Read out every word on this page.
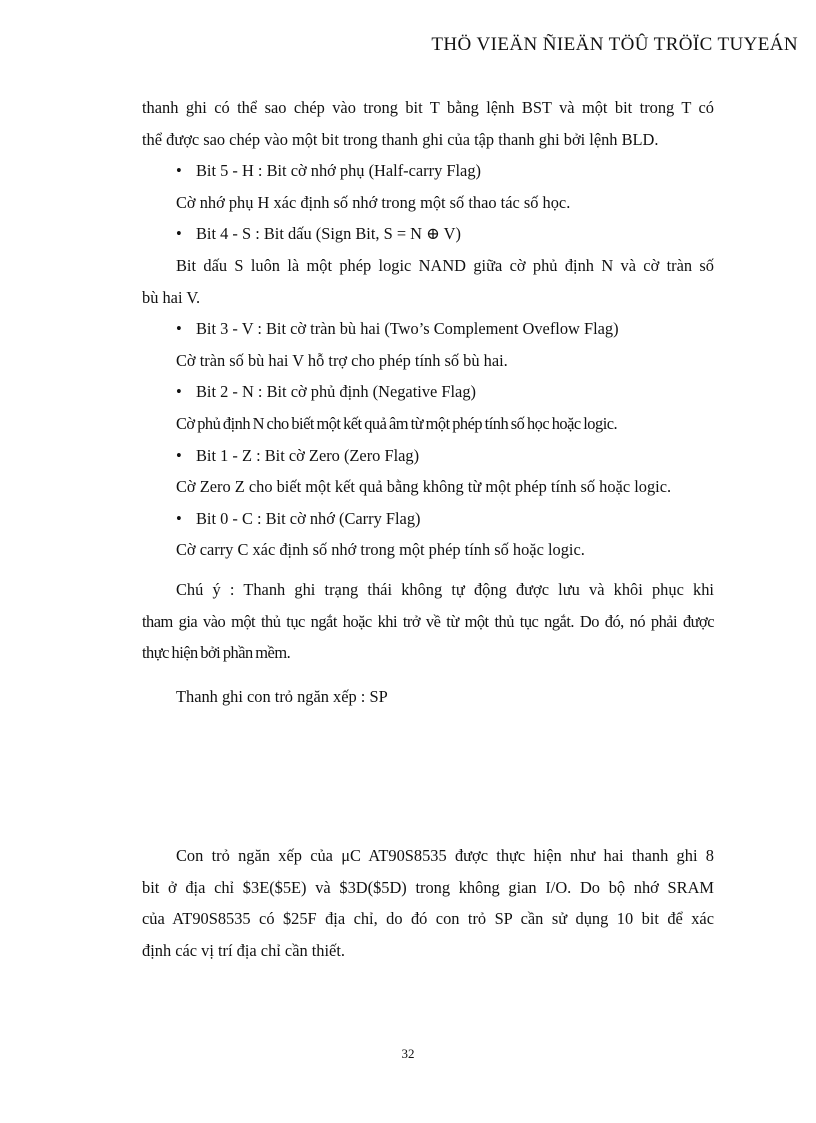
THÖ VIEÄN ÑIEÄN TÖÛ TRÖÏC TUYEÁN
thanh ghi có thể sao chép vào trong bit T bằng lệnh BST và một bit trong T có
thể được sao chép vào một bit trong thanh ghi của tập thanh ghi bởi lệnh BLD.
• Bit 5 - H : Bit cờ nhớ phụ (Half-carry Flag)
Cờ nhớ phụ H xác định số nhớ trong một số thao tác số học.
• Bit 4 - S : Bit dấu (Sign Bit, S = N ⊕ V)
Bit dấu S luôn là một phép logic NAND giữa cờ phủ định N và cờ tràn số
bù hai V.
• Bit 3 - V : Bit cờ tràn bù hai (Two’s Complement Oveflow Flag)
Cờ tràn số bù hai V hỗ trợ cho phép tính số bù hai.
• Bit 2 - N : Bit cờ phủ định (Negative Flag)
Cờ phủ định N cho biết một kết quả âm từ một phép tính số học hoặc logic.
• Bit 1 - Z : Bit cờ Zero (Zero Flag)
Cờ Zero Z cho biết một kết quả bằng không từ một phép tính số hoặc logic.
• Bit 0 - C : Bit cờ nhớ (Carry Flag)
Cờ carry C xác định số nhớ trong một phép tính số hoặc logic.
Chú ý : Thanh ghi trạng thái không tự động được lưu và khôi phục khi
tham gia vào một thủ tục ngắt hoặc khi trở về từ một thủ tục ngắt. Do đó, nó phải được
thực hiện bởi phần mềm.
Thanh ghi con trỏ ngăn xếp : SP
Con trỏ ngăn xếp của μC AT90S8535 được thực hiện như hai thanh ghi 8
bit ở địa chỉ $3E($5E) và $3D($5D) trong không gian I/O. Do bộ nhớ SRAM
của AT90S8535 có $25F địa chỉ, do đó con trỏ SP cần sử dụng 10 bit để xác
định các vị trí địa chỉ cần thiết.
32
